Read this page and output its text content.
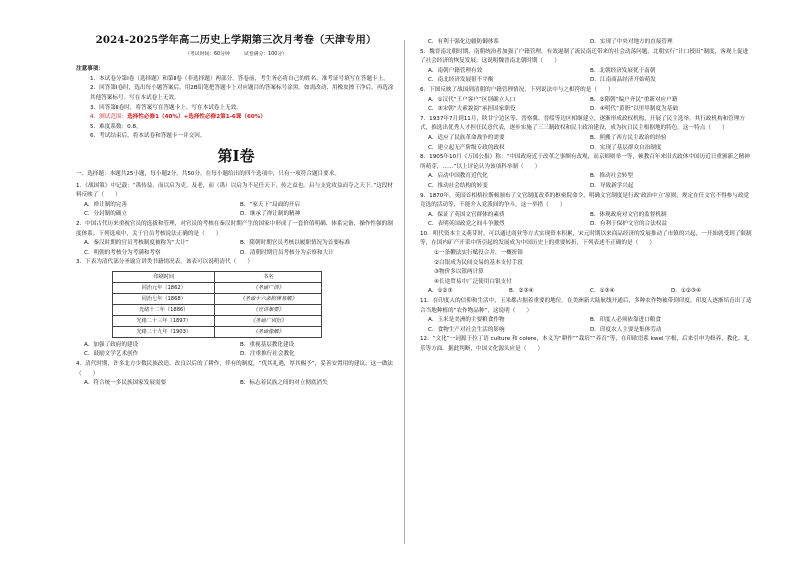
2024-2025学年高二历史上学期第三次月考卷（天津专用）
（考试时间：60分钟　　　试卷满分：100分）
注意事项：
1．本试卷分第Ⅰ卷（选择题）和第Ⅱ卷（非选择题）两部分。答卷前，考生务必将自己的姓名、准考证号填写在答题卡上。
2．回答第Ⅰ卷时，选出每小题答案后，用2B铅笔把答题卡上对应题目的答案标号涂黑。如需改动，用橡皮擦干净后，再选涂其他答案标号。写在本试卷上无效。
3．回答第Ⅱ卷时，将答案写在答题卡上。写在本试卷上无效。
4．测试范围：选择性必修1（40%）+选择性必修2第1-6课（60%）
5．难度系数：0.8。
6．考试结束后，将本试卷和答题卡一并交回。
第Ⅰ卷
一、选择题：本题共25小题，每小题2分，共50分。在每小题给出的四个选项中，只有一项符合题目要求。
1．《战国策》中记载：“禹传益，而以启为吏。及老，而（禹）以启为不足任天下，传之益也。启与支党攻益而夺之天下。”这段材料反映了（　　）
A．禅让制的完善	B．“家天下”局面的开启
C．分封制的确立	D．继承了禅让制的精神
2．中国古代历来重视官员的选拔和管理，对官员的考核在秦汉时期产生的国家中形成了一套价值明确、体系完备、操作性强的制度体系。下列选项中，关于官员考核说法正确的是（　　）
A．秦汉时期的官员考核制度被称为“大计”	B．隋朝时期官员考核以履职情况为首要标准
C．明朝的考核分为考满和考察	D．清朝时期官员考核分为京察和大计
3．下表为清代部分圣谕宣讲类书籍情况表。该表可以说明清代（　　）
印刷时间	书名
同治元年（1862）	《圣谕广训》
同治七年（1868）	《圣谕十六条附律易解》
光绪十二年（1886）	《宣讲集要》
光绪二十三年（1897）	《圣谕广训衍》
光绪二十九年（1903）	《圣谕像解》
A．加强了政府的建设	B．重视基层教化建设
C．鼓励文学艺术创作	D．注重推行社会教化
4．清代时期，许多北方少数民族改造、改良以后的了耕作，伴有的制度，“优其礼遇，厚其赐予”，妥善安置用的建议。这一做法（　　）
A．符合统一多民族国家发展需要	B．标志着民族之间的对立彻底消失
C．有利于强化边疆防御体系	D．实现了中央对地方的直接管理
5．魏晋南北朝时期，南朝统治者加强了户籍管理，有效遏制了流民南迁带来的社会动荡问题，北朝实行“计口授田”制度，客观上促进了社会经济的恢复发展。这说明魏晋南北朝时期（　　）
A．南朝户籍管理有效	B．北朝经济发展优于南朝
C．南北经济发展很不平衡	D．江南商品经济开始萌发
6．下图反映了战国到清朝的户籍管理情况，下列说法中与之相符的是（　　）
A．①汉代“王户客户”区别确立人口	B．②隋朝“编户齐民”重新对应户籍
C．③宋朝“大索貌阅”承担国家职役	D．④明代“黄册”以里甲制度为基础
7．1937年7月到11月，陕甘宁边区等、晋察冀、晋绥等边区相继建立，逐渐形成政权机构，开展了民主选举。其行政机构和管理方式，推选出优秀人才担任民意代表，逐步实施了三三制政权和民主政治建设，成为抗日民主根据地的特色。这一特点（　　）
A．适应了民族革命战争的需要	B．照搬了西方民主政治的经验
C．建立起无产阶级专政的政权	D．实现了基层群众自治制度
8．1905年10月《万国公报》称：“中国政府近于改革之事颇有改观，而京师则举一等，顿教百年来旧式政体中国历近日重颁新之精神所萌芽，……”以上评论认为该项科举制（　　）
A．启动中国教育近代化	B．推动社会转型
C．推动社会结构的转变	D．导致新学兴起
9．1870年，英国首相格拉斯顿颁布了文官制度改革的枢密院命令，明确文官制度是行政‘政治中立’原则，规定在任文官不得参与政党竞选的活动等，不能介入党派间的争斗，这一举措（　　）
A．保证了英国文官群体的素质	B．体现政府对文官的监督机制
C．表明英国政党之间斗争激烈	D．有利于保护文官的合法权益
10．明代资本主义萌芽时，可以通过商业等方式实现资本积累，宋元时期以来商品经济的发展推动了市镇的兴起，一开始就受到了限制等，在国内矿产开采中所引起的发展成为中国历史上的重要转折，下列表述不正确的是（　　）
①一条鞭法实行赋役合并，一概折银
②白银成为民间交易的基本支付手段
③物价多以银两计算
④长途贸易中广泛使用白银支付
A．①②③	B．②③④	C．①③④	D．①②③④
11．在印度人的信仰和生活中，玉米都占据着重要的地位。在美洲新大陆航线开通后，多种农作物被带到印度，印度人逐渐培育出了适合当地种植的“农作物品种”，这说明（　　）
A．玉米是美洲的主要粮食作物	B．印度人必须依靠进口粮食
C．食物生产对社会生活的影响	D．印度农人主要是集体劳动
12．“文化”一词源于拉丁语 culture 和 colere，本义为“耕作”“栽培”“养育”等，在印欧语系 kwel 字根，后来引申为修养、教化、礼乐等方面。据此判断，中国文化源头应是（　　）
